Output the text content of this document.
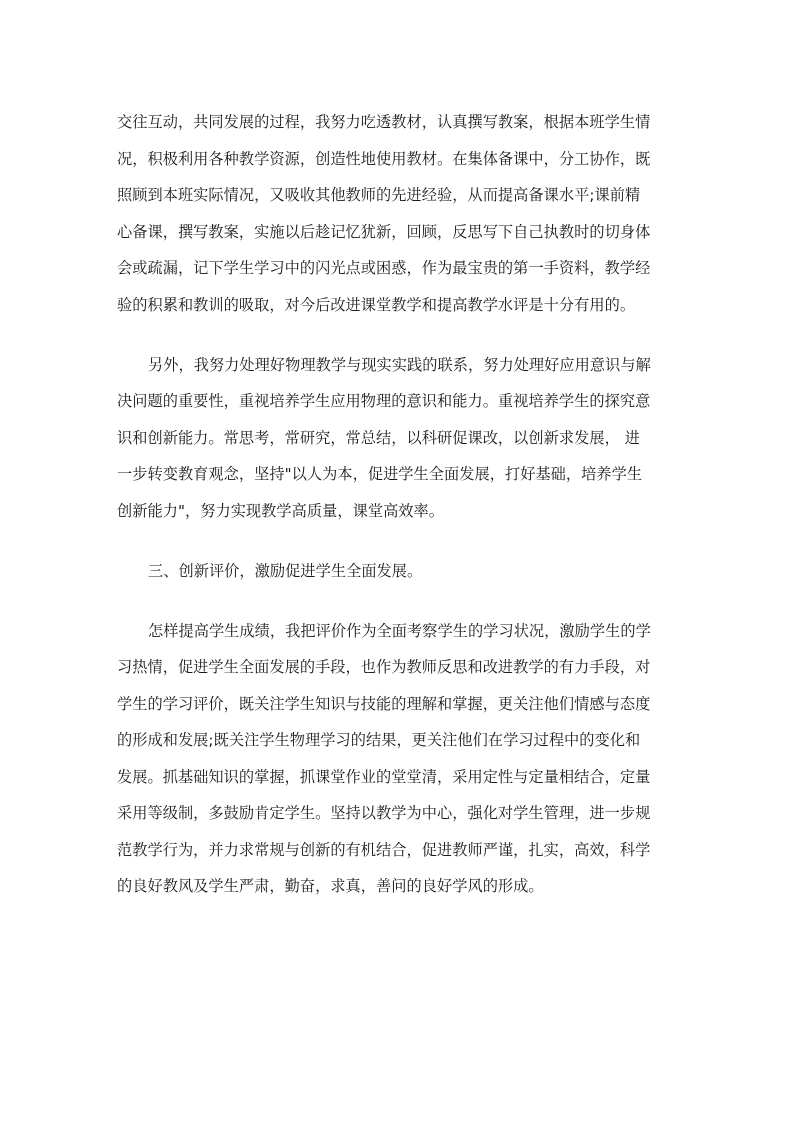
交往互动，共同发展的过程，我努力吃透教材，认真撰写教案，根据本班学生情
况，积极利用各种教学资源，创造性地使用教材。在集体备课中，分工协作，既
照顾到本班实际情况，又吸收其他教师的先进经验，从而提高备课水平;课前精
心备课，撰写教案，实施以后趁记忆犹新，回顾，反思写下自己执教时的切身体
会或疏漏，记下学生学习中的闪光点或困惑，作为最宝贵的第一手资料，教学经
验的积累和教训的吸取，对今后改进课堂教学和提高教学水评是十分有用的。
另外，我努力处理好物理教学与现实实践的联系，努力处理好应用意识与解
决问题的重要性，重视培养学生应用物理的意识和能力。重视培养学生的探究意
识和创新能力。常思考，常研究，常总结，以科研促课改，以创新求发展， 进
一步转变教育观念，坚持"以人为本，促进学生全面发展，打好基础，培养学生
创新能力"，努力实现教学高质量，课堂高效率。
三、创新评价，激励促进学生全面发展。
怎样提高学生成绩，我把评价作为全面考察学生的学习状况，激励学生的学
习热情，促进学生全面发展的手段，也作为教师反思和改进教学的有力手段，对
学生的学习评价，既关注学生知识与技能的理解和掌握，更关注他们情感与态度
的形成和发展;既关注学生物理学习的结果，更关注他们在学习过程中的变化和
发展。抓基础知识的掌握，抓课堂作业的堂堂清，采用定性与定量相结合，定量
采用等级制，多鼓励肯定学生。坚持以教学为中心，强化对学生管理，进一步规
范教学行为，并力求常规与创新的有机结合，促进教师严谨，扎实，高效，科学
的良好教风及学生严肃，勤奋，求真，善问的良好学风的形成。
